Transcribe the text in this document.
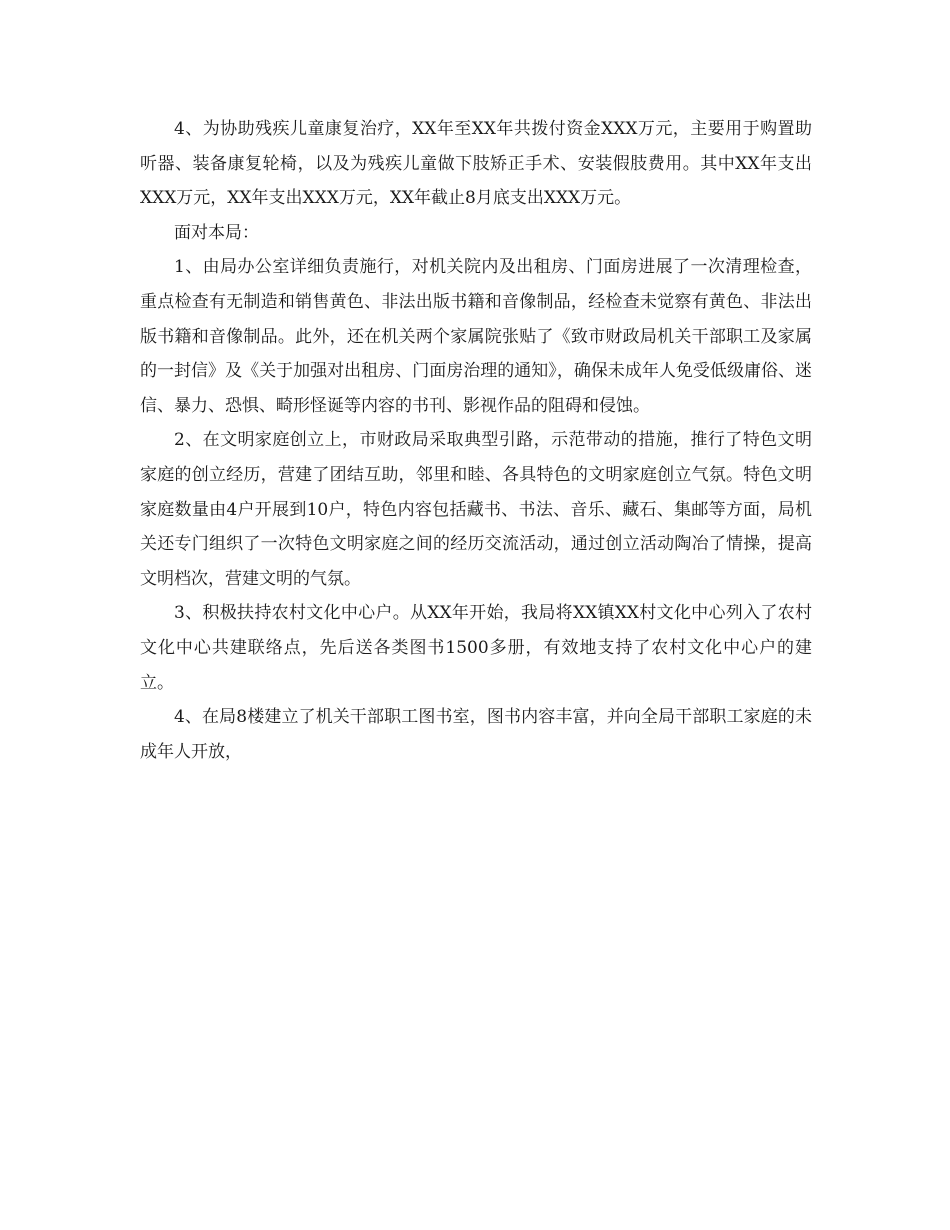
4、为协助残疾儿童康复治疗，XX年至XX年共拨付资金XXX万元，主要用于购置助听器、装备康复轮椅，以及为残疾儿童做下肢矫正手术、安装假肢费用。其中XX年支出XXX万元，XX年支出XXX万元，XX年截止8月底支出XXX万元。

面对本局：

1、由局办公室详细负责施行，对机关院内及出租房、门面房进展了一次清理检查，重点检查有无制造和销售黄色、非法出版书籍和音像制品，经检查未觉察有黄色、非法出版书籍和音像制品。此外，还在机关两个家属院张贴了《致市财政局机关干部职工及家属的一封信》及《关于加强对出租房、门面房治理的通知》，确保未成年人免受低级庸俗、迷信、暴力、恐惧、畸形怪诞等内容的书刊、影视作品的阻碍和侵蚀。

2、在文明家庭创立上，市财政局采取典型引路，示范带动的措施，推行了特色文明家庭的创立经历，营建了团结互助，邻里和睦、各具特色的文明家庭创立气氛。特色文明家庭数量由4户开展到10户，特色内容包括藏书、书法、音乐、藏石、集邮等方面，局机关还专门组织了一次特色文明家庭之间的经历交流活动，通过创立活动陶冶了情操，提高文明档次，营建文明的气氛。

3、积极扶持农村文化中心户。从XX年开始，我局将XX镇XX村文化中心列入了农村文化中心共建联络点，先后送各类图书1500多册，有效地支持了农村文化中心户的建立。

4、在局8楼建立了机关干部职工图书室，图书内容丰富，并向全局干部职工家庭的未成年人开放，
